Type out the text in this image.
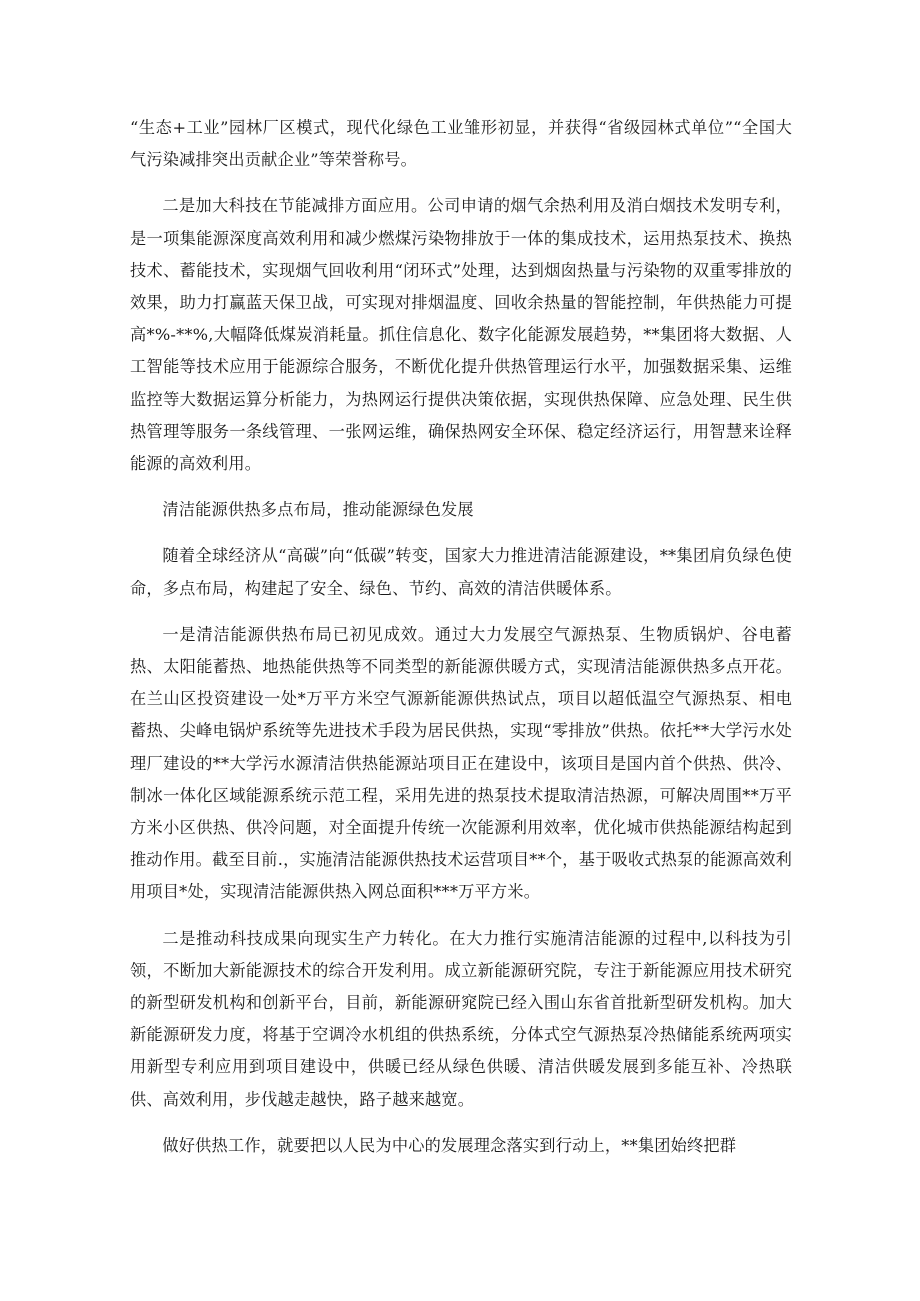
“生态+工业”园林厂区模式，现代化绿色工业雏形初显，并获得“省级园林式单位”“全国大气污染减排突出贡献企业”等荣誉称号。

二是加大科技在节能减排方面应用。公司申请的烟气余热利用及消白烟技术发明专利，是一项集能源深度高效利用和减少燃煤污染物排放于一体的集成技术，运用热泵技术、换热技术、蓄能技术，实现烟气回收利用“闭环式”处理，达到烟囱热量与污染物的双重零排放的效果，助力打赢蓝天保卫战，可实现对排烟温度、回收余热量的智能控制，年供热能力可提高*%-**%,大幅降低煤炭消耗量。抓住信息化、数字化能源发展趋势，**集团将大数据、人工智能等技术应用于能源综合服务，不断优化提升供热管理运行水平，加强数据采集、运维监控等大数据运算分析能力，为热网运行提供决策依据，实现供热保障、应急处理、民生供热管理等服务一条线管理、一张网运维，确保热网安全环保、稳定经济运行，用智慧来诠释能源的高效利用。

清洁能源供热多点布局，推动能源绿色发展

随着全球经济从“高碳”向“低碳”转变，国家大力推进清洁能源建设，**集团肩负绿色使命，多点布局，构建起了安全、绿色、节约、高效的清洁供暖体系。

一是清洁能源供热布局已初见成效。通过大力发展空气源热泵、生物质锅炉、谷电蓄热、太阳能蓄热、地热能供热等不同类型的新能源供暖方式，实现清洁能源供热多点开花。在兰山区投资建设一处*万平方米空气源新能源供热试点，项目以超低温空气源热泵、相电蓄热、尖峰电锅炉系统等先进技术手段为居民供热，实现“零排放”供热。依托**大学污水处理厂建设的**大学污水源清洁供热能源站项目正在建设中，该项目是国内首个供热、供冷、制冰一体化区域能源系统示范工程，采用先进的热泵技术提取清洁热源，可解决周围**万平方米小区供热、供冷问题，对全面提升传统一次能源利用效率，优化城市供热能源结构起到推动作用。截至目前.，实施清洁能源供热技术运营项目**个，基于吸收式热泵的能源高效利用项目*处，实现清洁能源供热入网总面积***万平方米。

二是推动科技成果向现实生产力转化。在大力推行实施清洁能源的过程中,以科技为引领，不断加大新能源技术的综合开发利用。成立新能源研究院，专注于新能源应用技术研究的新型研发机构和创新平台，目前，新能源研窕院已经入围山东省首批新型研发机构。加大新能源研发力度，将基于空调冷水机组的供热系统，分体式空气源热泵冷热储能系统两项实用新型专利应用到项目建设中，供暖已经从绿色供暖、清洁供暖发展到多能互补、冷热联供、高效利用，步伐越走越快，路子越来越宽。

做好供热工作，就要把以人民为中心的发展理念落实到行动上，**集团始终把群
